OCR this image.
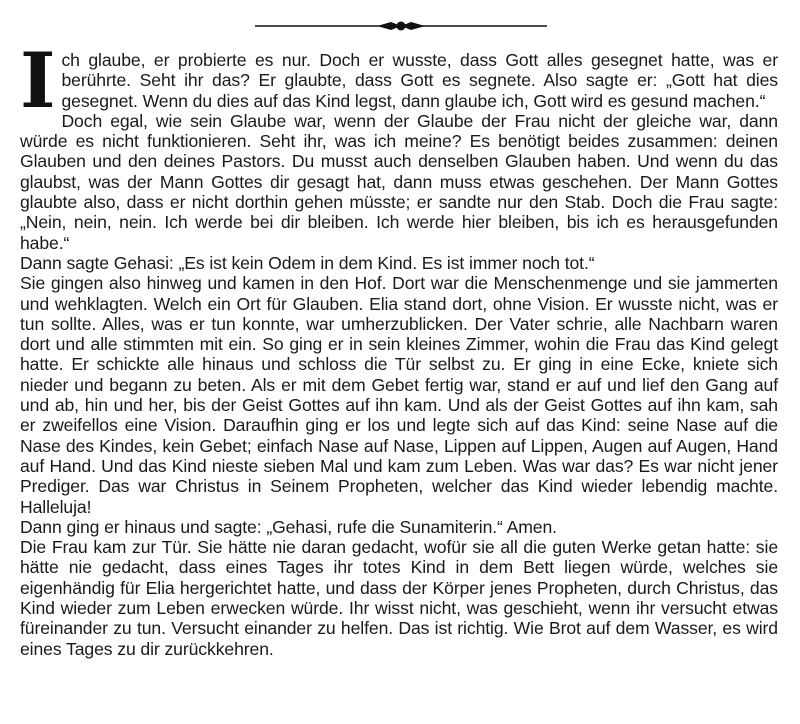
Ich glaube, er probierte es nur. Doch er wusste, dass Gott alles gesegnet hatte, was er berührte. Seht ihr das? Er glaubte, dass Gott es segnete. Also sagte er: „Gott hat dies gesegnet. Wenn du dies auf das Kind legst, dann glaube ich, Gott wird es gesund machen.“

Doch egal, wie sein Glaube war, wenn der Glaube der Frau nicht der gleiche war, dann würde es nicht funktionieren. Seht ihr, was ich meine? Es benötigt beides zusammen: deinen Glauben und den deines Pastors. Du musst auch denselben Glauben haben. Und wenn du das glaubst, was der Mann Gottes dir gesagt hat, dann muss etwas geschehen. Der Mann Gottes glaubte also, dass er nicht dorthin gehen müsste; er sandte nur den Stab. Doch die Frau sagte: „Nein, nein, nein. Ich werde bei dir bleiben. Ich werde hier bleiben, bis ich es herausgefunden habe.“

Dann sagte Gehasi: „Es ist kein Odem in dem Kind. Es ist immer noch tot.“

Sie gingen also hinweg und kamen in den Hof. Dort war die Menschenmenge und sie jammerten und wehklagten. Welch ein Ort für Glauben. Elia stand dort, ohne Vision. Er wusste nicht, was er tun sollte. Alles, was er tun konnte, war umherzublicken. Der Vater schrie, alle Nachbarn waren dort und alle stimmten mit ein. So ging er in sein kleines Zimmer, wohin die Frau das Kind gelegt hatte. Er schickte alle hinaus und schloss die Tür selbst zu. Er ging in eine Ecke, kniete sich nieder und begann zu beten. Als er mit dem Gebet fertig war, stand er auf und lief den Gang auf und ab, hin und her, bis der Geist Gottes auf ihn kam. Und als der Geist Gottes auf ihn kam, sah er zweifellos eine Vision. Daraufhin ging er los und legte sich auf das Kind: seine Nase auf die Nase des Kindes, kein Gebet; einfach Nase auf Nase, Lippen auf Lippen, Augen auf Augen, Hand auf Hand. Und das Kind nieste sieben Mal und kam zum Leben. Was war das? Es war nicht jener Prediger. Das war Christus in Seinem Propheten, welcher das Kind wieder lebendig machte. Halleluja!

Dann ging er hinaus und sagte: „Gehasi, rufe die Sunamiterin.“ Amen.

Die Frau kam zur Tür. Sie hätte nie daran gedacht, wofür sie all die guten Werke getan hatte: sie hätte nie gedacht, dass eines Tages ihr totes Kind in dem Bett liegen würde, welches sie eigenhändig für Elia hergerichtet hatte, und dass der Körper jenes Propheten, durch Christus, das Kind wieder zum Leben erwecken würde. Ihr wisst nicht, was geschieht, wenn ihr versucht etwas füreinander zu tun. Versucht einander zu helfen. Das ist richtig. Wie Brot auf dem Wasser, es wird eines Tages zu dir zurückkehren.
